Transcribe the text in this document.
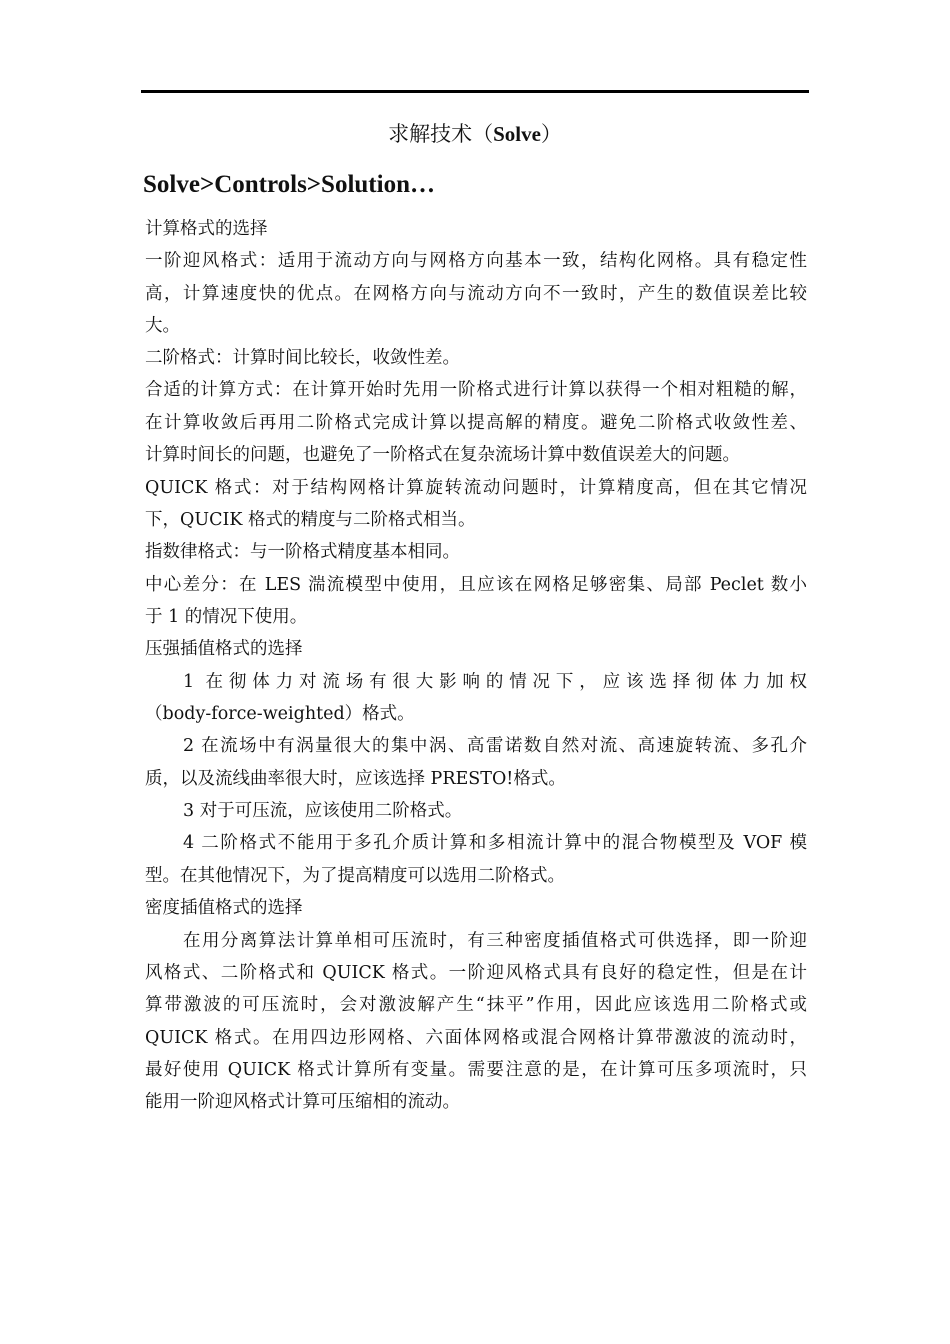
求解技术（Solve）
Solve>Controls>Solution…
计算格式的选择
一阶迎风格式：适用于流动方向与网格方向基本一致，结构化网格。具有稳定性
高，计算速度快的优点。在网格方向与流动方向不一致时，产生的数值误差比较
大。
二阶格式：计算时间比较长，收敛性差。
合适的计算方式：在计算开始时先用一阶格式进行计算以获得一个相对粗糙的解，
在计算收敛后再用二阶格式完成计算以提高解的精度。避免二阶格式收敛性差、
计算时间长的问题，也避免了一阶格式在复杂流场计算中数值误差大的问题。
QUICK 格式：对于结构网格计算旋转流动问题时，计算精度高，但在其它情况
下，QUCIK 格式的精度与二阶格式相当。
指数律格式：与一阶格式精度基本相同。
中心差分：在 LES 湍流模型中使用，且应该在网格足够密集、局部 Peclet 数小
于 1 的情况下使用。
压强插值格式的选择
1 在彻体力对流场有很大影响的情况下，应该选择彻体力加权
（body-force-weighted）格式。
2 在流场中有涡量很大的集中涡、高雷诺数自然对流、高速旋转流、多孔介
质，以及流线曲率很大时，应该选择 PRESTO!格式。
3 对于可压流，应该使用二阶格式。
4 二阶格式不能用于多孔介质计算和多相流计算中的混合物模型及 VOF 模
型。在其他情况下，为了提高精度可以选用二阶格式。
密度插值格式的选择
在用分离算法计算单相可压流时，有三种密度插值格式可供选择，即一阶迎
风格式、二阶格式和 QUICK 格式。一阶迎风格式具有良好的稳定性，但是在计
算带激波的可压流时，会对激波解产生“抹平”作用，因此应该选用二阶格式或
QUICK 格式。在用四边形网格、六面体网格或混合网格计算带激波的流动时，
最好使用 QUICK 格式计算所有变量。需要注意的是，在计算可压多项流时，只
能用一阶迎风格式计算可压缩相的流动。
